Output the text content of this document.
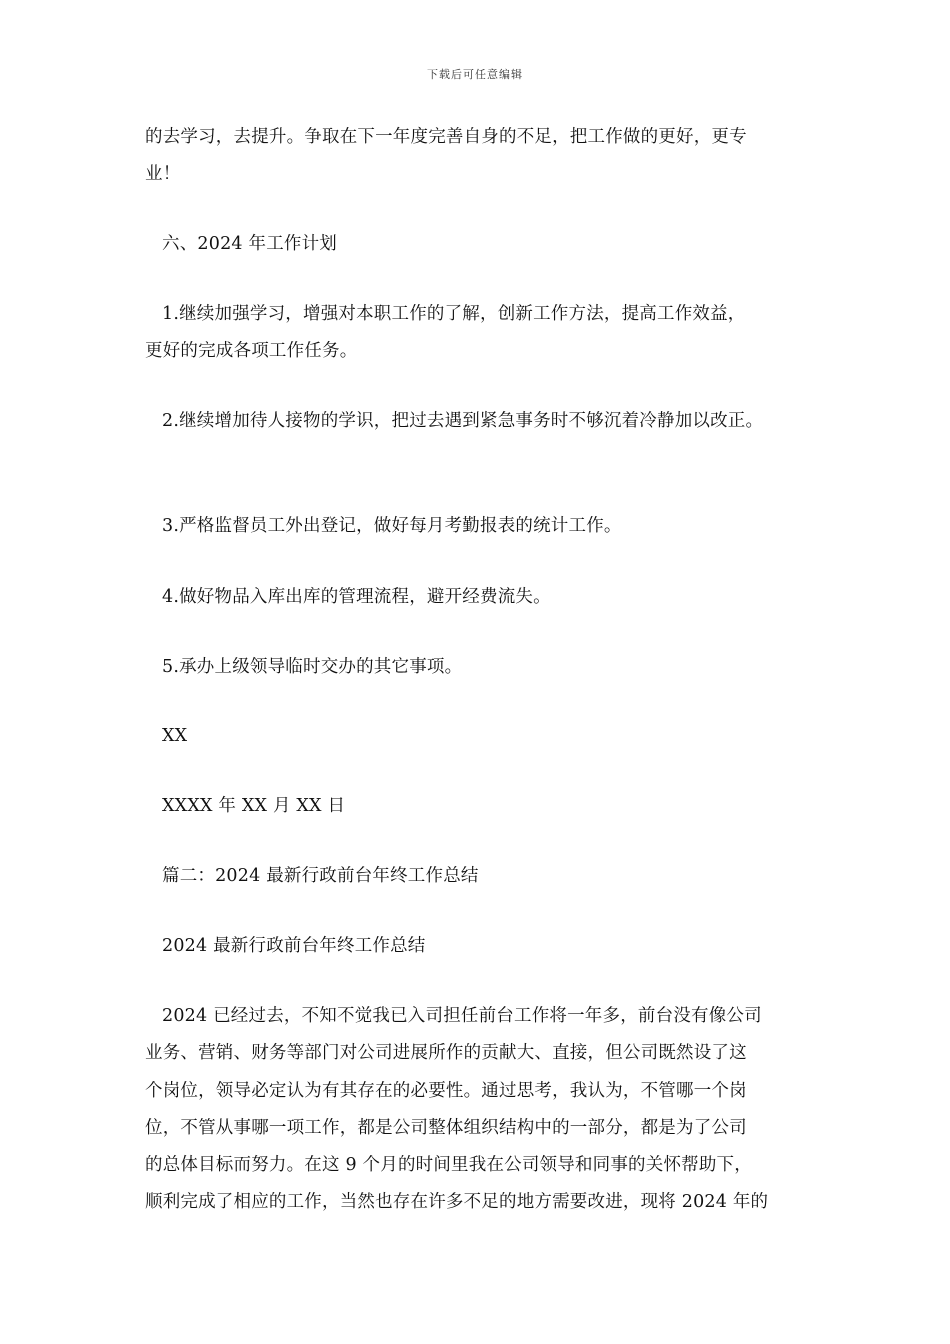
下载后可任意编辑
的去学习，去提升。争取在下一年度完善自身的不足，把工作做的更好，更专
业！
六、2024 年工作计划
1.继续加强学习，增强对本职工作的了解，创新工作方法，提高工作效益，
更好的完成各项工作任务。
2.继续增加待人接物的学识，把过去遇到紧急事务时不够沉着冷静加以改正。
3.严格监督员工外出登记，做好每月考勤报表的统计工作。
4.做好物品入库出库的管理流程，避开经费流失。
5.承办上级领导临时交办的其它事项。
XX
XXXX 年 XX 月 XX 日
篇二：2024 最新行政前台年终工作总结
2024 最新行政前台年终工作总结
2024 已经过去，不知不觉我已入司担任前台工作将一年多，前台没有像公司
业务、营销、财务等部门对公司进展所作的贡献大、直接，但公司既然设了这
个岗位，领导必定认为有其存在的必要性。通过思考，我认为，不管哪一个岗
位，不管从事哪一项工作，都是公司整体组织结构中的一部分，都是为了公司
的总体目标而努力。在这 9 个月的时间里我在公司领导和同事的关怀帮助下，
顺利完成了相应的工作，当然也存在许多不足的地方需要改进，现将 2024 年的
